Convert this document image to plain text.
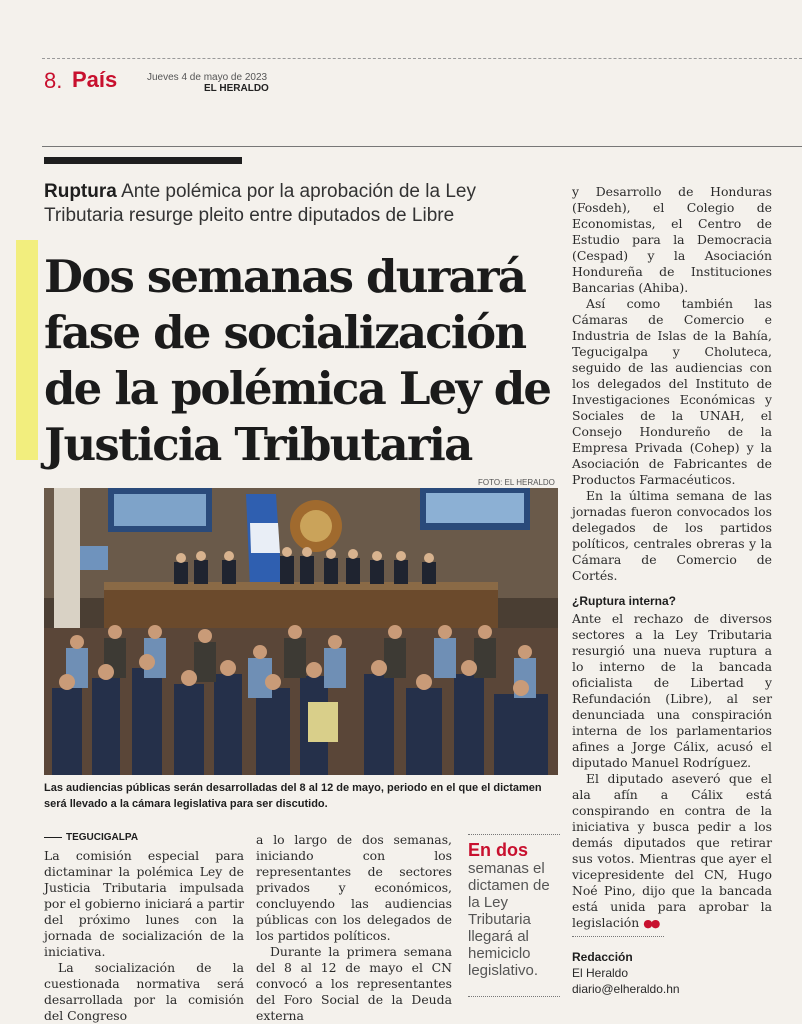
8. País	Jueves 4 de mayo de 2023
EL HERALDO
Ruptura Ante polémica por la aprobación de la Ley Tributaria resurge pleito entre diputados de Libre
Dos semanas durará fase de socialización de la polémica Ley de Justicia Tributaria
FOTO: EL HERALDO
Las audiencias públicas serán desarrolladas del 8 al 12 de mayo, periodo en el que el dictamen será llevado a la cámara legislativa para ser discutido.
TEGUCIGALPA

La comisión especial para dictaminar la polémica Ley de Justicia Tributaria impulsada por el gobierno iniciará a partir del próximo lunes con la jornada de socialización de la iniciativa.

La socialización de la cuestionada normativa será desarrollada por la comisión del Congreso

a lo largo de dos semanas, iniciando con los representantes de sectores privados y económicos, concluyendo las audiencias públicas con los delegados de los partidos políticos.

Durante la primera semana del 8 al 12 de mayo el CN convocó a los representantes del Foro Social de la Deuda externa

En dos
semanas el dictamen de la Ley Tributaria llegará al hemiciclo legislativo.

y Desarrollo de Honduras (Fosdeh), el Colegio de Economistas, el Centro de Estudio para la Democracia (Cespad) y la Asociación Hondureña de Instituciones Bancarias (Ahiba).

Así como también las Cámaras de Comercio e Industria de Islas de la Bahía, Tegucigalpa y Choluteca, seguido de las audiencias con los delegados del Instituto de Investigaciones Económicas y Sociales de la UNAH, el Consejo Hondureño de la Empresa Privada (Cohep) y la Asociación de Fabricantes de Productos Farmacéuticos.

En la última semana de las jornadas fueron convocados los delegados de los partidos políticos, centrales obreras y la Cámara de Comercio de Cortés.

¿Ruptura interna?

Ante el rechazo de diversos sectores a la Ley Tributaria resurgió una nueva ruptura a lo interno de la bancada oficialista de Libertad y Refundación (Libre), al ser denunciada una conspiración interna de los parlamentarios afines a Jorge Cálix, acusó el diputado Manuel Rodríguez.

El diputado aseveró que el ala afín a Cálix está conspirando en contra de la iniciativa y busca pedir a los demás diputados que retirar sus votos. Mientras que ayer el vicepresidente del CN, Hugo Noé Pino, dijo que la bancada está unida para aprobar la legislación ●●

Redacción
El Heraldo
diario@elheraldo.hn
